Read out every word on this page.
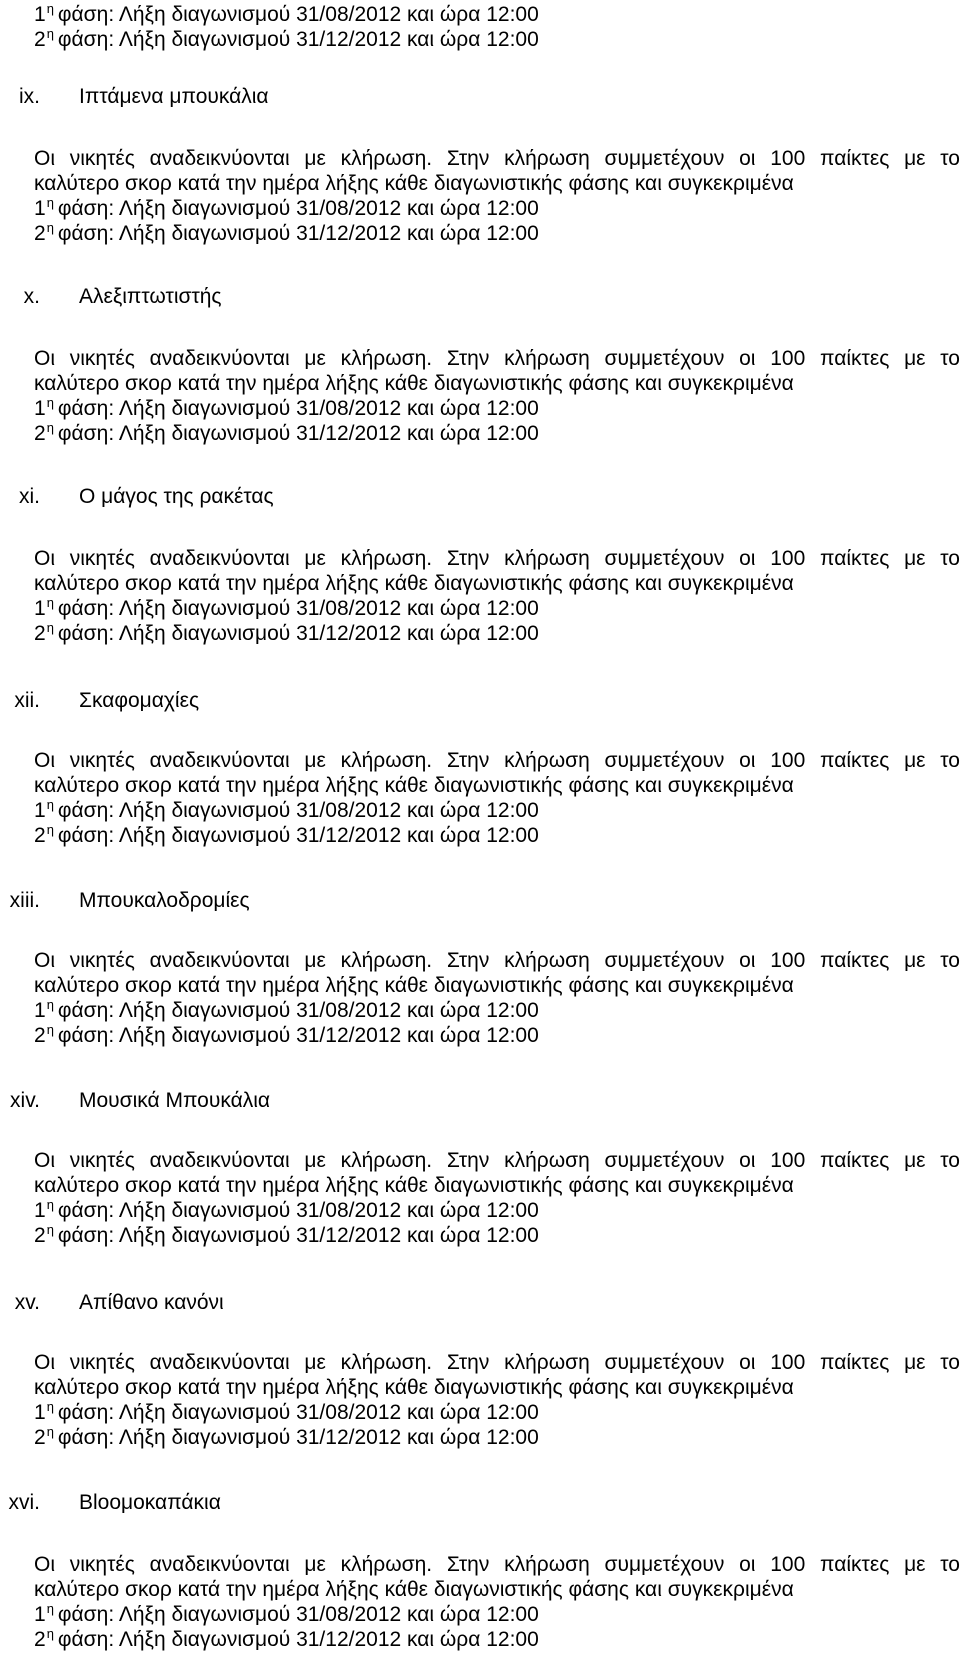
$1^\eta$ φάση: Λήξη διαγωνισμού 31/08/2012 και ώρα 12:00
$2^\eta$ φάση: Λήξη διαγωνισμού 31/12/2012 και ώρα 12:00
ix. Ιπτάμενα μπουκάλια
Οι νικητές αναδεικνύονται με κλήρωση. Στην κλήρωση συμμετέχουν οι 100 παίκτες με το
καλύτερο σκορ κατά την ημέρα λήξης κάθε διαγωνιστικής φάσης και συγκεκριμένα
$1^\eta$ φάση: Λήξη διαγωνισμού 31/08/2012 και ώρα 12:00
$2^\eta$ φάση: Λήξη διαγωνισμού 31/12/2012 και ώρα 12:00
x. Αλεξιπτωτιστής
Οι νικητές αναδεικνύονται με κλήρωση. Στην κλήρωση συμμετέχουν οι 100 παίκτες με το
καλύτερο σκορ κατά την ημέρα λήξης κάθε διαγωνιστικής φάσης και συγκεκριμένα
$1^\eta$ φάση: Λήξη διαγωνισμού 31/08/2012 και ώρα 12:00
$2^\eta$ φάση: Λήξη διαγωνισμού 31/12/2012 και ώρα 12:00
xi. Ο μάγος της ρακέτας
Οι νικητές αναδεικνύονται με κλήρωση. Στην κλήρωση συμμετέχουν οι 100 παίκτες με το
καλύτερο σκορ κατά την ημέρα λήξης κάθε διαγωνιστικής φάσης και συγκεκριμένα
$1^\eta$ φάση: Λήξη διαγωνισμού 31/08/2012 και ώρα 12:00
$2^\eta$ φάση: Λήξη διαγωνισμού 31/12/2012 και ώρα 12:00
xii. Σκαφομαχίες
Οι νικητές αναδεικνύονται με κλήρωση. Στην κλήρωση συμμετέχουν οι 100 παίκτες με το
καλύτερο σκορ κατά την ημέρα λήξης κάθε διαγωνιστικής φάσης και συγκεκριμένα
$1^\eta$ φάση: Λήξη διαγωνισμού 31/08/2012 και ώρα 12:00
$2^\eta$ φάση: Λήξη διαγωνισμού 31/12/2012 και ώρα 12:00
xiii. Μπουκαλοδρομίες
Οι νικητές αναδεικνύονται με κλήρωση. Στην κλήρωση συμμετέχουν οι 100 παίκτες με το
καλύτερο σκορ κατά την ημέρα λήξης κάθε διαγωνιστικής φάσης και συγκεκριμένα
$1^\eta$ φάση: Λήξη διαγωνισμού 31/08/2012 και ώρα 12:00
$2^\eta$ φάση: Λήξη διαγωνισμού 31/12/2012 και ώρα 12:00
xiv. Μουσικά Μπουκάλια
Οι νικητές αναδεικνύονται με κλήρωση. Στην κλήρωση συμμετέχουν οι 100 παίκτες με το
καλύτερο σκορ κατά την ημέρα λήξης κάθε διαγωνιστικής φάσης και συγκεκριμένα
$1^\eta$ φάση: Λήξη διαγωνισμού 31/08/2012 και ώρα 12:00
$2^\eta$ φάση: Λήξη διαγωνισμού 31/12/2012 και ώρα 12:00
xv. Απίθανο κανόνι
Οι νικητές αναδεικνύονται με κλήρωση. Στην κλήρωση συμμετέχουν οι 100 παίκτες με το
καλύτερο σκορ κατά την ημέρα λήξης κάθε διαγωνιστικής φάσης και συγκεκριμένα
$1^\eta$ φάση: Λήξη διαγωνισμού 31/08/2012 και ώρα 12:00
$2^\eta$ φάση: Λήξη διαγωνισμού 31/12/2012 και ώρα 12:00
xvi. Blooμοκαπάκια
Οι νικητές αναδεικνύονται με κλήρωση. Στην κλήρωση συμμετέχουν οι 100 παίκτες με το
καλύτερο σκορ κατά την ημέρα λήξης κάθε διαγωνιστικής φάσης και συγκεκριμένα
$1^\eta$ φάση: Λήξη διαγωνισμού 31/08/2012 και ώρα 12:00
$2^\eta$ φάση: Λήξη διαγωνισμού 31/12/2012 και ώρα 12:00
